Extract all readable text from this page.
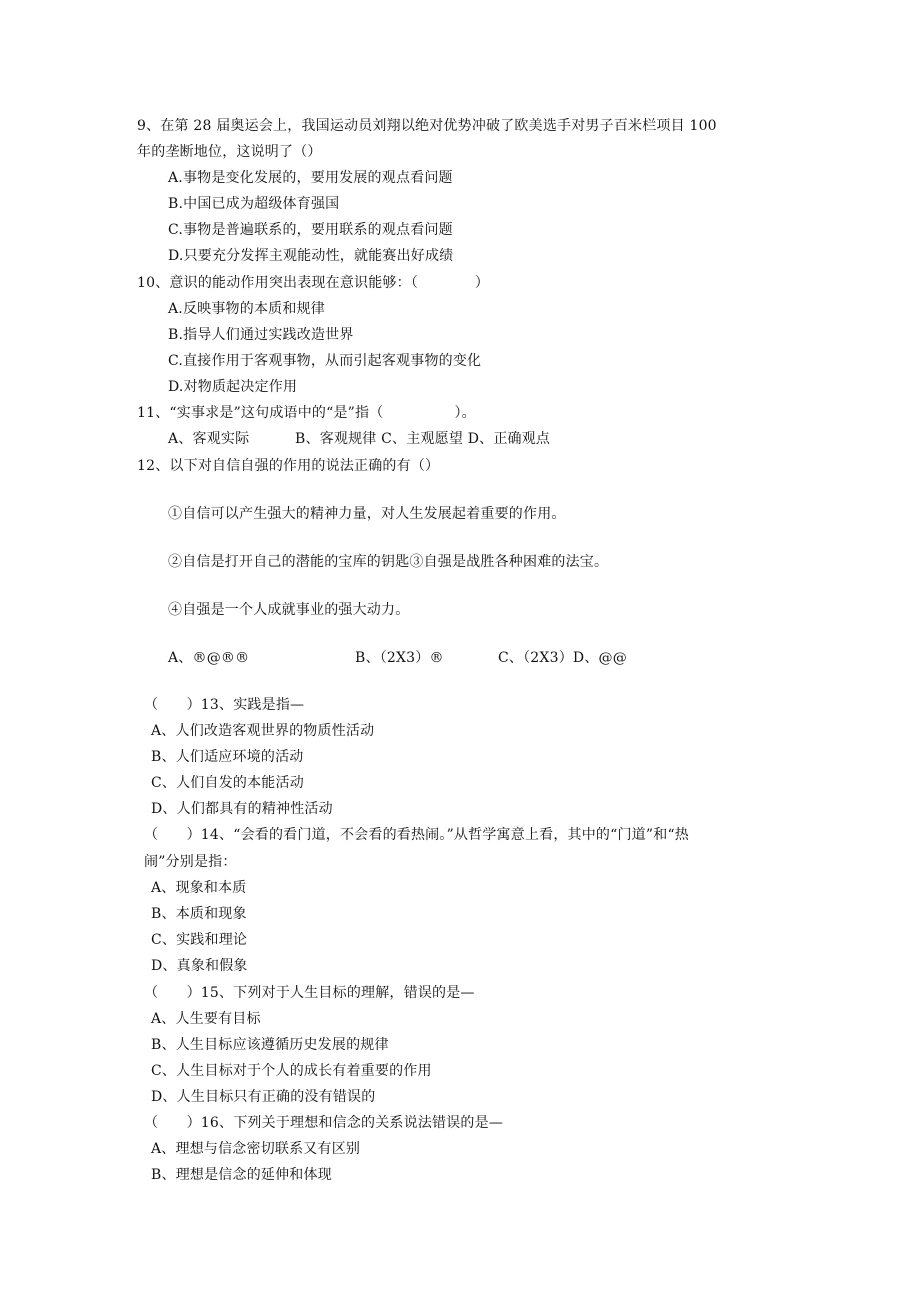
9、在第 28 届奥运会上，我国运动员刘翔以绝对优势冲破了欧美选手对男子百米栏项目 100
年的垄断地位，这说明了（）
A.事物是变化发展的，要用发展的观点看问题
B.中国已成为超级体育强国
C.事物是普遍联系的，要用联系的观点看问题
D.只要充分发挥主观能动性，就能赛出好成绩
10、意识的能动作用突出表现在意识能够：（　　　　）
A.反映事物的本质和规律
B.指导人们通过实践改造世界
C.直接作用于客观事物，从而引起客观事物的变化
D.对物质起决定作用
11、“实事求是”这句成语中的“是”指（　　　　　）。
A、客观实际	B、客观规律 C、主观愿望 D、正确观点
12、以下对自信自强的作用的说法正确的有（）
①自信可以产生强大的精神力量，对人生发展起着重要的作用。
②自信是打开自己的潜能的宝库的钥匙③自强是战胜各种困难的法宝。
④自强是一个人成就事业的强大动力。
A、®@®®	B、（2X3）®	C、（2X3）D、@@
（　　）13、实践是指—
A、人们改造客观世界的物质性活动
B、人们适应环境的活动
C、人们自发的本能活动
D、人们都具有的精神性活动
（　　）14、“会看的看门道，不会看的看热闹。”从哲学寓意上看，其中的“门道”和“热
闹”分别是指：
A、现象和本质
B、本质和现象
C、实践和理论
D、真象和假象
（　　）15、下列对于人生目标的理解，错误的是—
A、人生要有目标
B、人生目标应该遵循历史发展的规律
C、人生目标对于个人的成长有着重要的作用
D、人生目标只有正确的没有错误的
（　　）16、下列关于理想和信念的关系说法错误的是—
A、理想与信念密切联系又有区别
B、理想是信念的延伸和体现
